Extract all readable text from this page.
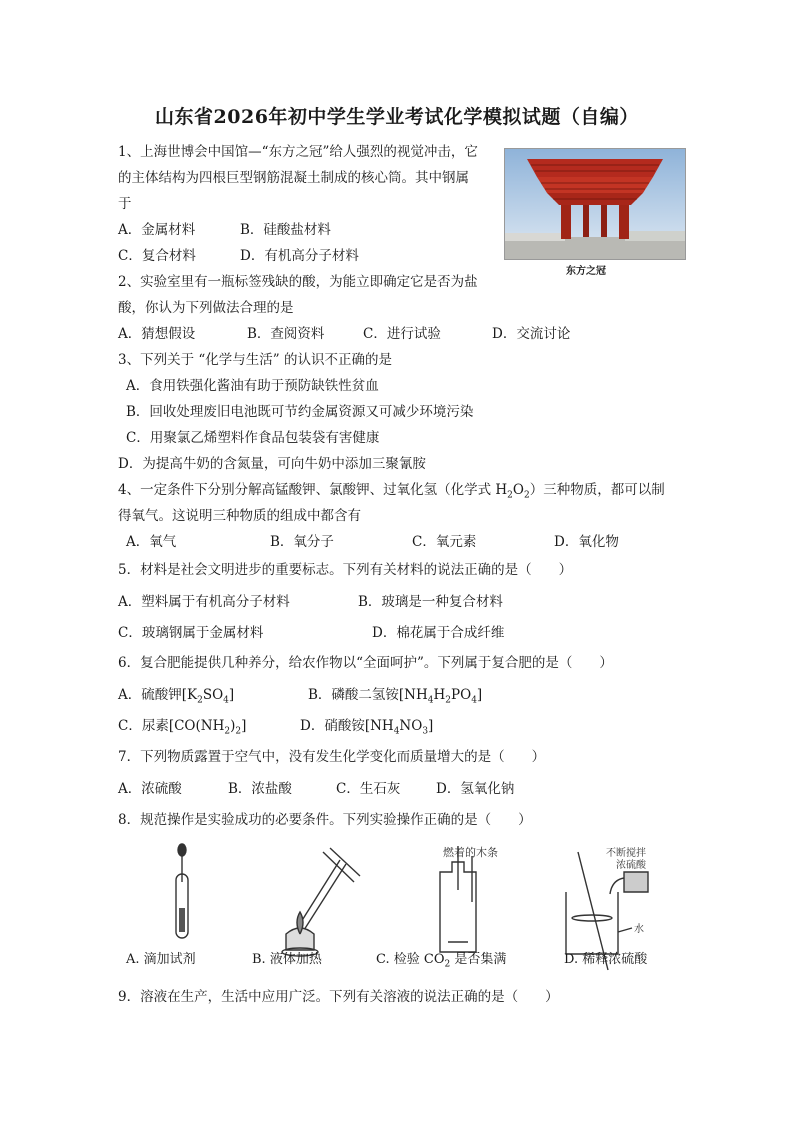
山东省2026年初中学生学业考试化学模拟试题（自编）
1、上海世博会中国馆—“东方之冠”给人强烈的视觉冲击，它
的主体结构为四根巨型钢筋混凝土制成的核心筒。其中钢属
于
A．金属材料	B．硅酸盐材料
C．复合材料	D．有机高分子材料
东方之冠
2、实验室里有一瓶标签残缺的酸，为能立即确定它是否为盐
酸，你认为下列做法合理的是
A．猜想假设	B．查阅资料	C．进行试验	D．交流讨论
3、下列关于 “化学与生活” 的认识不正确的是
A．食用铁强化酱油有助于预防缺铁性贫血
B．回收处理废旧电池既可节约金属资源又可减少环境污染
C．用聚氯乙烯塑料作食品包装袋有害健康
D．为提高牛奶的含氮量，可向牛奶中添加三聚氰胺
4、一定条件下分别分解高锰酸钾、氯酸钾、过氧化氢（化学式 $H_2O_2$）三种物质，都可以制
得氧气。这说明三种物质的组成中都含有
A．氧气	B．氧分子	C．氧元素	D．氧化物
5．材料是社会文明进步的重要标志。下列有关材料的说法正确的是（　　）
A．塑料属于有机高分子材料	B．玻璃是一种复合材料
C．玻璃钢属于金属材料	D．棉花属于合成纤维
6．复合肥能提供几种养分，给农作物以“全面呵护”。下列属于复合肥的是（　　）
A．硫酸钾$[K_2SO_4]$	B．磷酸二氢铵$[NH_4H_2PO_4]$
C．尿素$[CO(NH_2)_2]$	D．硝酸铵$[NH_4NO_3]$
7．下列物质露置于空气中，没有发生化学变化而质量增大的是（　　）
A．浓硫酸	B．浓盐酸	C．生石灰	D．氢氧化钠
8．规范操作是实验成功的必要条件。下列实验操作正确的是（　　）
燃着的木条	不断搅拌
浓硫酸
水
A. 滴加试剂	B. 液体加热	C. 检验 $CO_2$ 是否集满	D. 稀释浓硫酸
9．溶液在生产，生活中应用广泛。下列有关溶液的说法正确的是（　　）
